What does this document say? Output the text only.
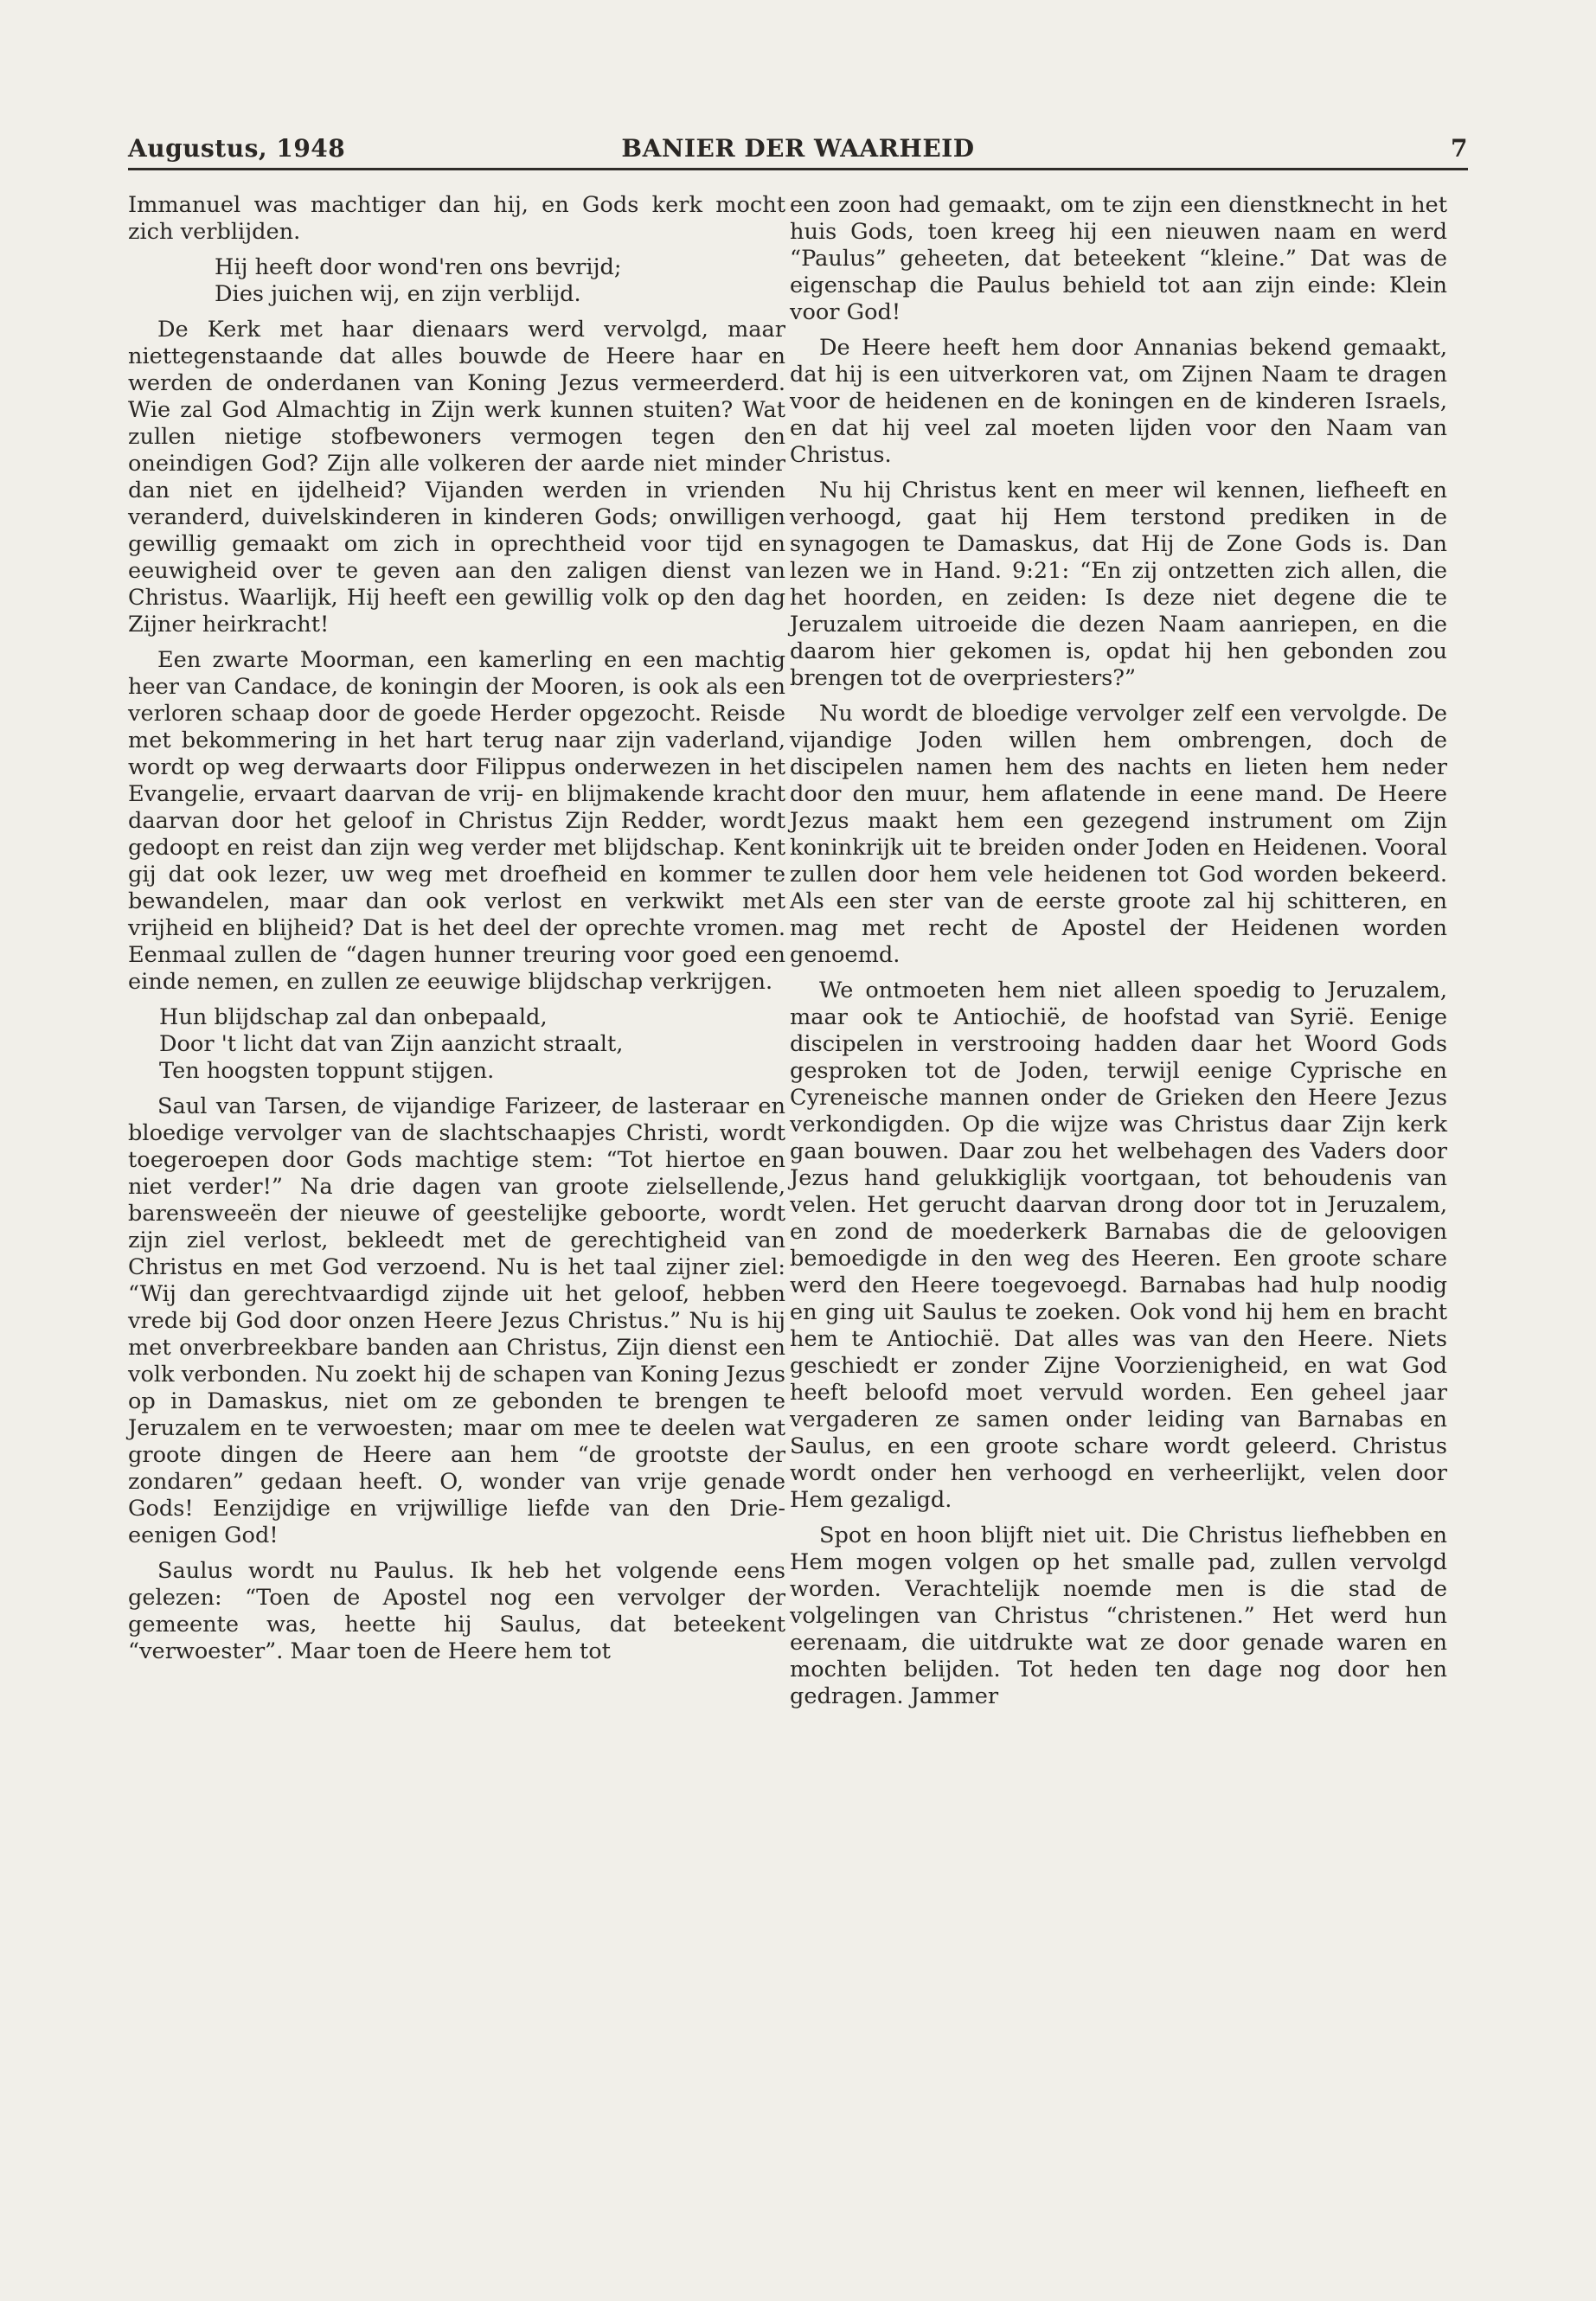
Augustus, 1948	BANIER DER WAARHEID	7

Immanuel was machtiger dan hij, en Gods kerk mocht zich verblijden.

Hij heeft door wond'ren ons bevrijd;
Dies juichen wij, en zijn verblijd.

De Kerk met haar dienaars werd vervolgd, maar niettegenstaande dat alles bouwde de Heere haar en werden de onderdanen van Koning Jezus vermeerderd. Wie zal God Almachtig in Zijn werk kunnen stuiten? Wat zullen nietige stofbewoners vermogen tegen den oneindigen God? Zijn alle volkeren der aarde niet minder dan niet en ijdelheid? Vijanden werden in vrienden veranderd, duivelskinderen in kinderen Gods; onwilligen gewillig gemaakt om zich in oprechtheid voor tijd en eeuwigheid over te geven aan den zaligen dienst van Christus. Waarlijk, Hij heeft een gewillig volk op den dag Zijner heirkracht!

Een zwarte Moorman, een kamerling en een machtig heer van Candace, de koningin der Mooren, is ook als een verloren schaap door de goede Herder opgezocht. Reisde met bekommering in het hart terug naar zijn vaderland, wordt op weg derwaarts door Filippus onderwezen in het Evangelie, ervaart daarvan de vrij- en blijmakende kracht daarvan door het geloof in Christus Zijn Redder, wordt gedoopt en reist dan zijn weg verder met blijdschap. Kent gij dat ook lezer, uw weg met droefheid en kommer te bewandelen, maar dan ook verlost en verkwikt met vrijheid en blijheid? Dat is het deel der oprechte vromen. Eenmaal zullen de “dagen hunner treuring voor goed een einde nemen, en zullen ze eeuwige blijdschap verkrijgen.

Hun blijdschap zal dan onbepaald,
Door 't licht dat van Zijn aanzicht straalt,
Ten hoogsten toppunt stijgen.

Saul van Tarsen, de vijandige Farizeer, de lasteraar en bloedige vervolger van de slachtschaapjes Christi, wordt toegeroepen door Gods machtige stem: “Tot hiertoe en niet verder!” Na drie dagen van groote zielsellende, barensweeën der nieuwe of geestelijke geboorte, wordt zijn ziel verlost, bekleedt met de gerechtigheid van Christus en met God verzoend. Nu is het taal zijner ziel: “Wij dan gerechtvaardigd zijnde uit het geloof, hebben vrede bij God door onzen Heere Jezus Christus.” Nu is hij met onverbreekbare banden aan Christus, Zijn dienst een volk verbonden. Nu zoekt hij de schapen van Koning Jezus op in Damaskus, niet om ze gebonden te brengen te Jeruzalem en te verwoesten; maar om mee te deelen wat groote dingen de Heere aan hem “de grootste der zondaren” gedaan heeft. O, wonder van vrije genade Gods! Eenzijdige en vrijwillige liefde van den Drie-eenigen God!

Saulus wordt nu Paulus. Ik heb het volgende eens gelezen: “Toen de Apostel nog een vervolger der gemeente was, heette hij Saulus, dat beteekent “verwoester”. Maar toen de Heere hem tot

een zoon had gemaakt, om te zijn een dienstknecht in het huis Gods, toen kreeg hij een nieuwen naam en werd “Paulus” geheeten, dat beteekent “kleine.” Dat was de eigenschap die Paulus behield tot aan zijn einde: Klein voor God!

De Heere heeft hem door Annanias bekend gemaakt, dat hij is een uitverkoren vat, om Zijnen Naam te dragen voor de heidenen en de koningen en de kinderen Israels, en dat hij veel zal moeten lijden voor den Naam van Christus.

Nu hij Christus kent en meer wil kennen, liefheeft en verhoogd, gaat hij Hem terstond prediken in de synagogen te Damaskus, dat Hij de Zone Gods is. Dan lezen we in Hand. 9:21: “En zij ontzetten zich allen, die het hoorden, en zeiden: Is deze niet degene die te Jeruzalem uitroeide die dezen Naam aanriepen, en die daarom hier gekomen is, opdat hij hen gebonden zou brengen tot de overpriesters?”

Nu wordt de bloedige vervolger zelf een vervolgde. De vijandige Joden willen hem ombrengen, doch de discipelen namen hem des nachts en lieten hem neder door den muur, hem aflatende in eene mand. De Heere Jezus maakt hem een gezegend instrument om Zijn koninkrijk uit te breiden onder Joden en Heidenen. Vooral zullen door hem vele heidenen tot God worden bekeerd. Als een ster van de eerste groote zal hij schitteren, en mag met recht de Apostel der Heidenen worden genoemd.

We ontmoeten hem niet alleen spoedig to Jeruzalem, maar ook te Antiochië, de hoofstad van Syrië. Eenige discipelen in verstrooing hadden daar het Woord Gods gesproken tot de Joden, terwijl eenige Cyprische en Cyreneische mannen onder de Grieken den Heere Jezus verkondigden. Op die wijze was Christus daar Zijn kerk gaan bouwen. Daar zou het welbehagen des Vaders door Jezus hand gelukkiglijk voortgaan, tot behoudenis van velen. Het gerucht daarvan drong door tot in Jeruzalem, en zond de moederkerk Barnabas die de geloovigen bemoedigde in den weg des Heeren. Een groote schare werd den Heere toegevoegd. Barnabas had hulp noodig en ging uit Saulus te zoeken. Ook vond hij hem en bracht hem te Antiochië. Dat alles was van den Heere. Niets geschiedt er zonder Zijne Voorzienigheid, en wat God heeft beloofd moet vervuld worden. Een geheel jaar vergaderen ze samen onder leiding van Barnabas en Saulus, en een groote schare wordt geleerd. Christus wordt onder hen verhoogd en verheerlijkt, velen door Hem gezaligd.

Spot en hoon blijft niet uit. Die Christus liefhebben en Hem mogen volgen op het smalle pad, zullen vervolgd worden. Verachtelijk noemde men is die stad de volgelingen van Christus “christenen.” Het werd hun eerenaam, die uitdrukte wat ze door genade waren en mochten belijden. Tot heden ten dage nog door hen gedragen. Jammer
